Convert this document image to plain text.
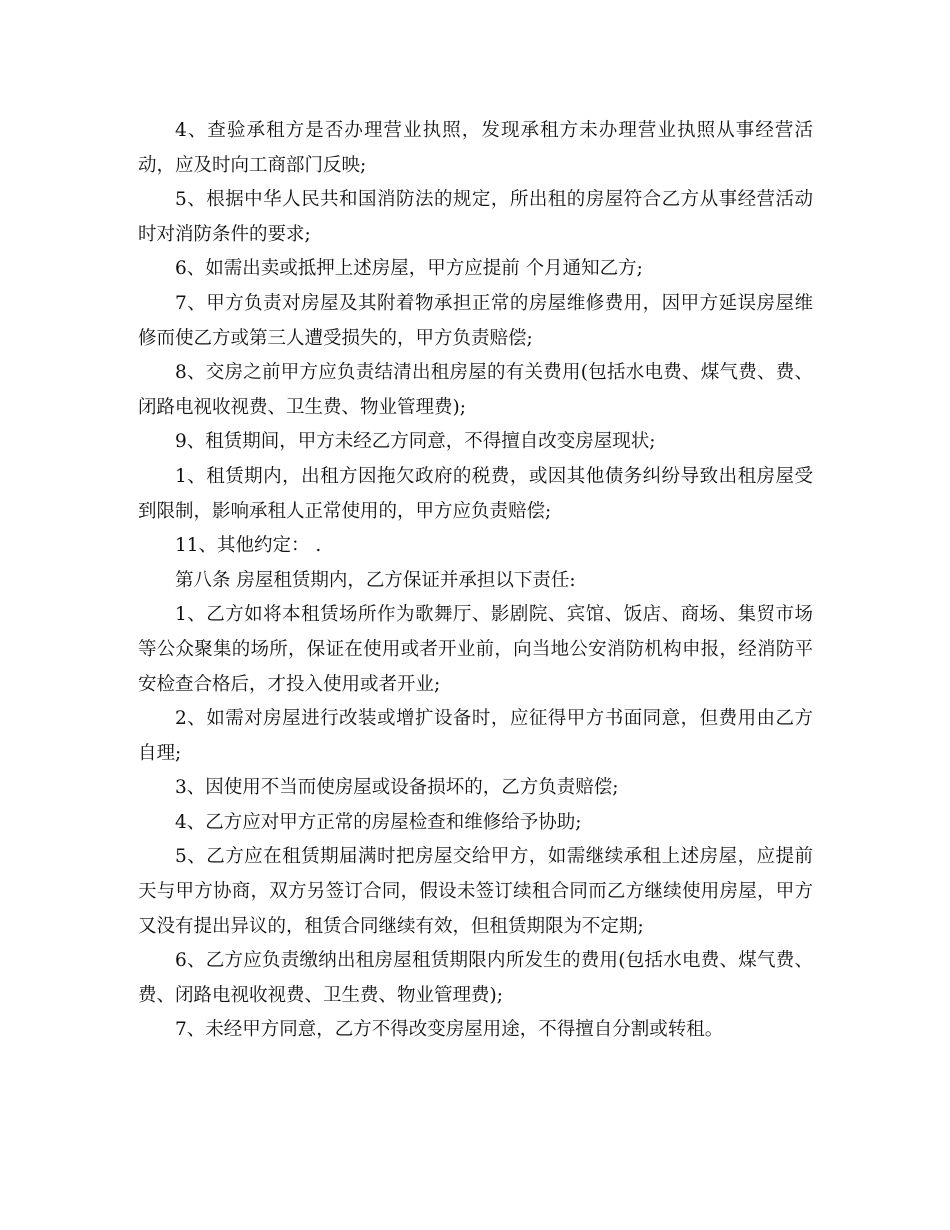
4、查验承租方是否办理营业执照，发现承租方未办理营业执照从事经营活动，应及时向工商部门反映;

5、根据中华人民共和国消防法的规定，所出租的房屋符合乙方从事经营活动时对消防条件的要求;

6、如需出卖或抵押上述房屋，甲方应提前 个月通知乙方;

7、甲方负责对房屋及其附着物承担正常的房屋维修费用，因甲方延误房屋维修而使乙方或第三人遭受损失的，甲方负责赔偿;

8、交房之前甲方应负责结清出租房屋的有关费用(包括水电费、煤气费、费、闭路电视收视费、卫生费、物业管理费);

9、租赁期间，甲方未经乙方同意，不得擅自改变房屋现状;

1、租赁期内，出租方因拖欠政府的税费，或因其他债务纠纷导致出租房屋受到限制，影响承租人正常使用的，甲方应负责赔偿;

11、其他约定： .

第八条 房屋租赁期内，乙方保证并承担以下责任:

1、乙方如将本租赁场所作为歌舞厅、影剧院、宾馆、饭店、商场、集贸市场等公众聚集的场所，保证在使用或者开业前，向当地公安消防机构申报，经消防平安检查合格后，才投入使用或者开业;

2、如需对房屋进行改装或增扩设备时，应征得甲方书面同意，但费用由乙方自理;

3、因使用不当而使房屋或设备损坏的，乙方负责赔偿;

4、乙方应对甲方正常的房屋检查和维修给予协助;

5、乙方应在租赁期届满时把房屋交给甲方，如需继续承租上述房屋，应提前天与甲方协商，双方另签订合同，假设未签订续租合同而乙方继续使用房屋，甲方又没有提出异议的，租赁合同继续有效，但租赁期限为不定期;

6、乙方应负责缴纳出租房屋租赁期限内所发生的费用(包括水电费、煤气费、费、闭路电视收视费、卫生费、物业管理费);

7、未经甲方同意，乙方不得改变房屋用途，不得擅自分割或转租。
